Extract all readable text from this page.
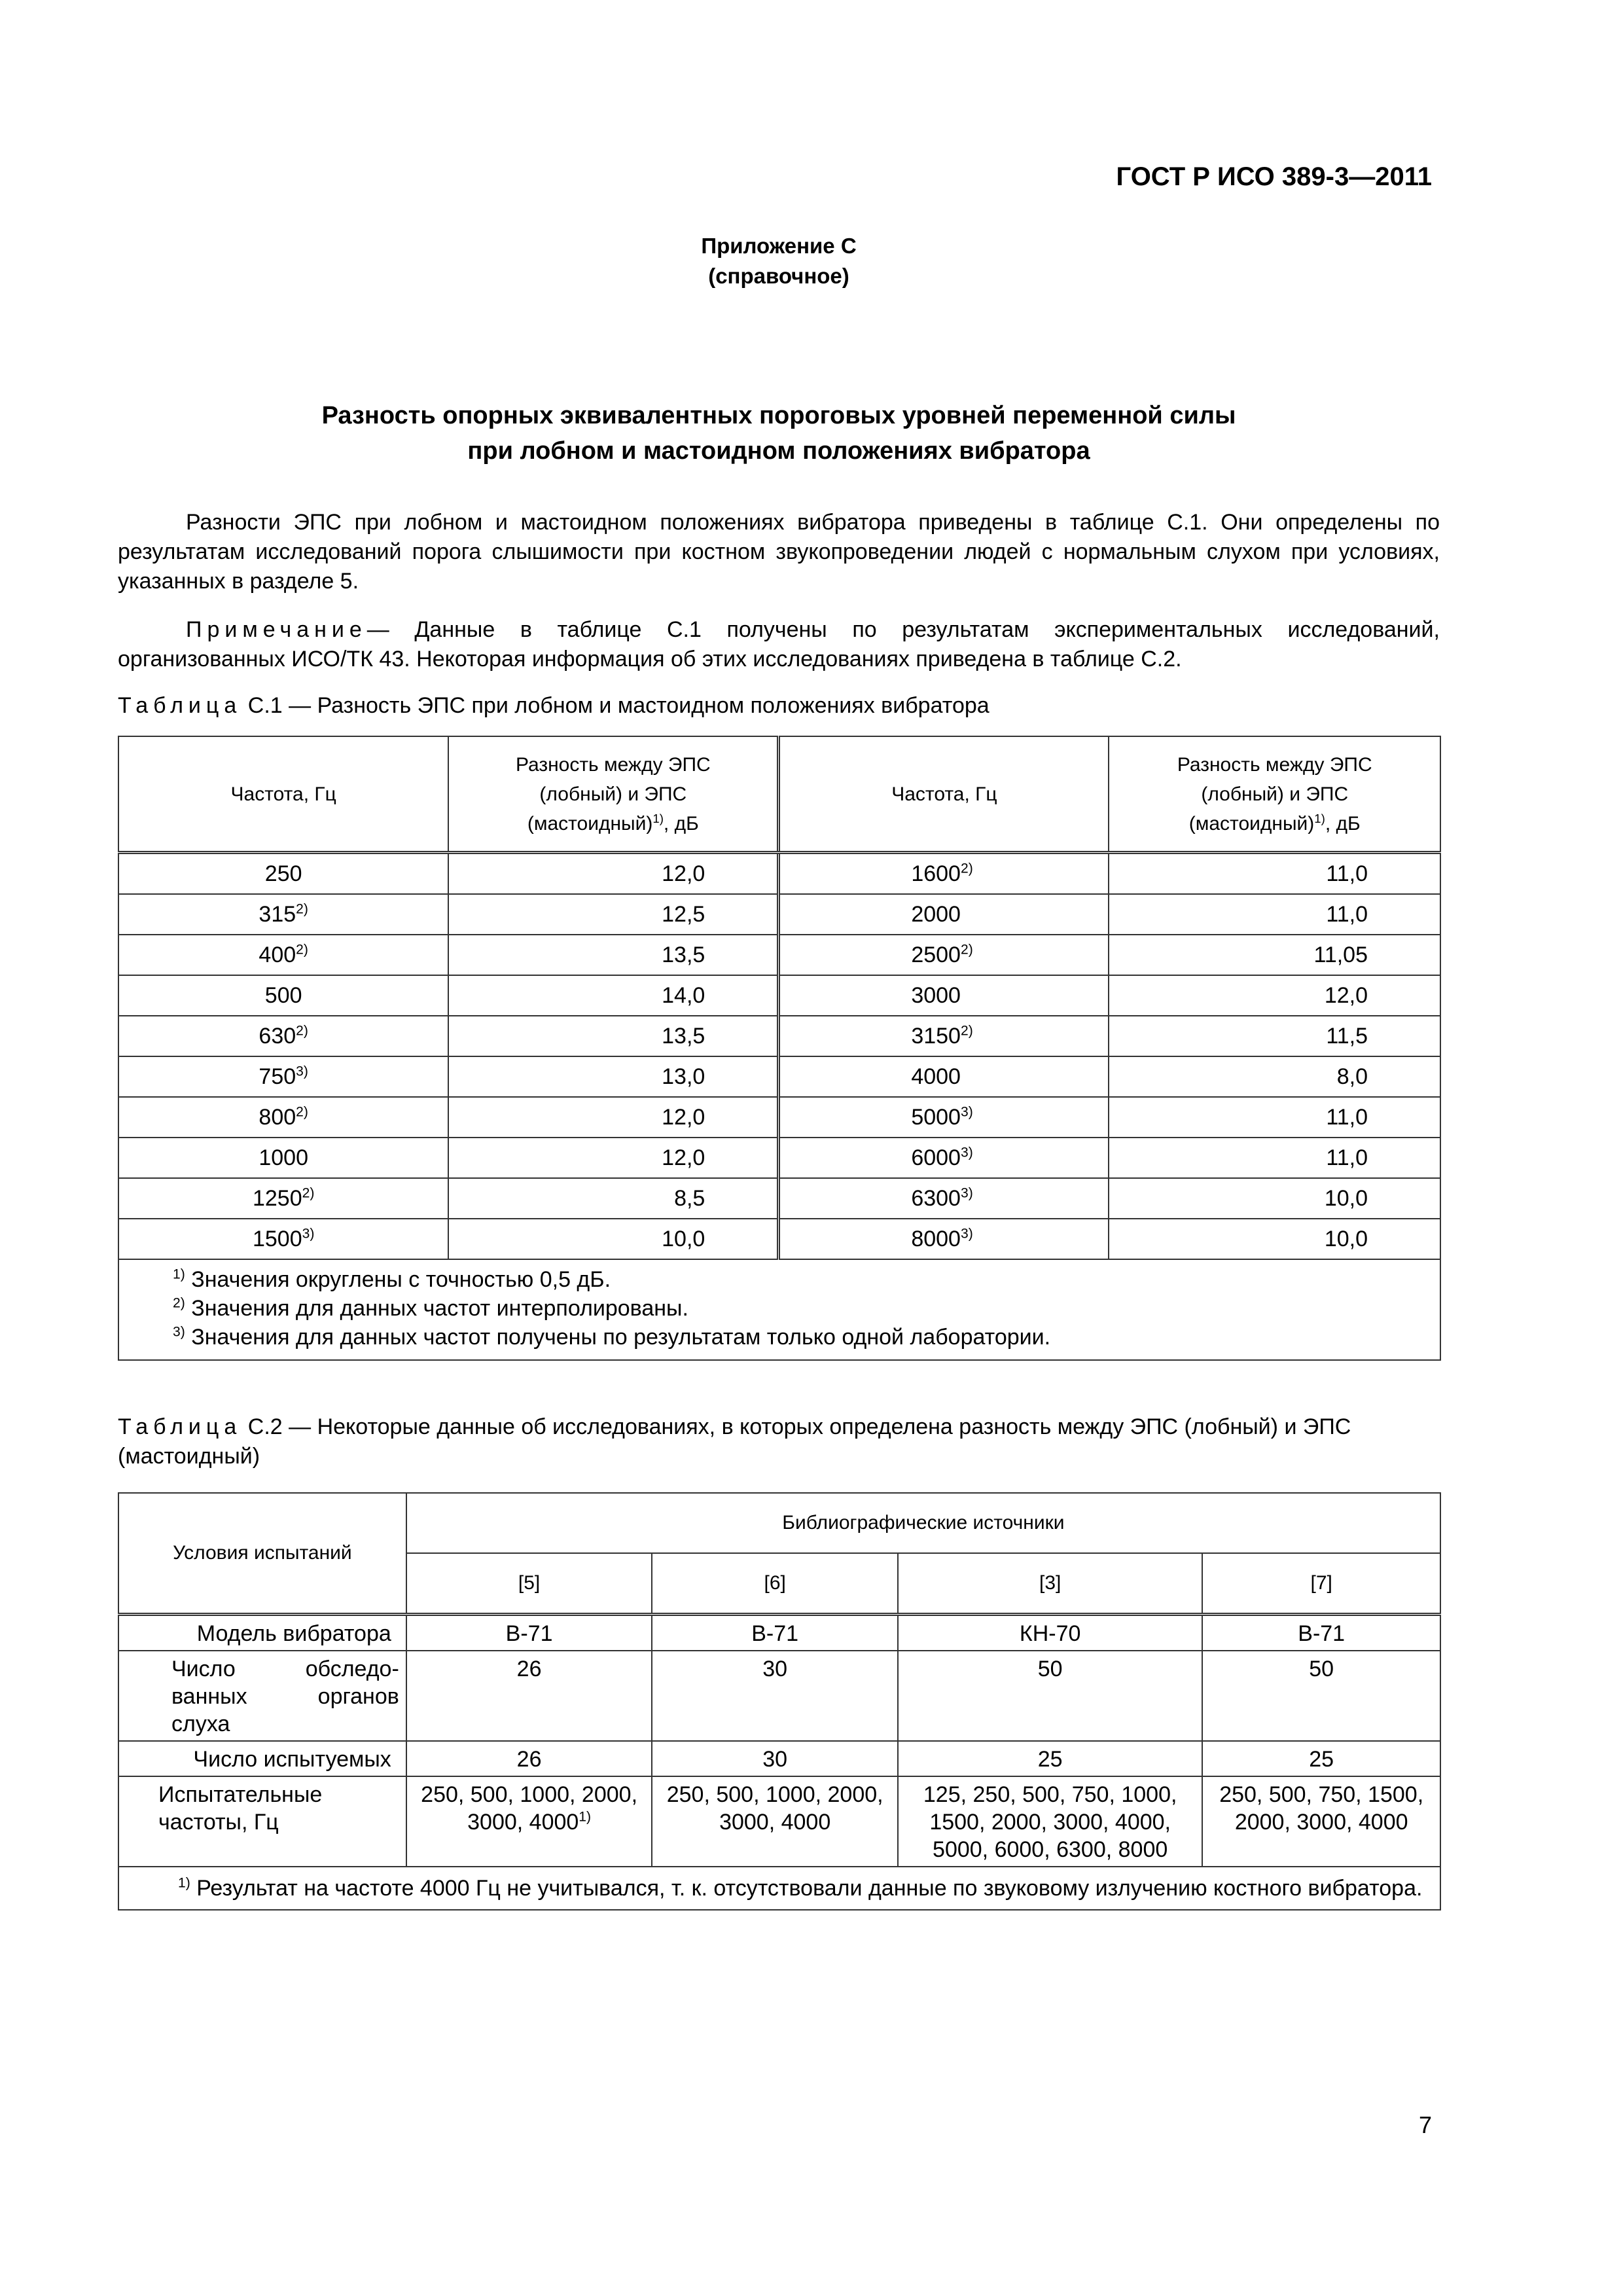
ГОСТ Р ИСО 389-3—2011
Приложение С
(справочное)
Разность опорных эквивалентных пороговых уровней переменной силы
при лобном и мастоидном положениях вибратора
Разности ЭПС при лобном и мастоидном положениях вибратора приведены в таблице С.1. Они определены по результатам исследований порога слышимости при костном звукопроведении людей с нормальным слухом при условиях, указанных в разделе 5.
Примечание— Данные в таблице С.1 получены по результатам экспериментальных исследований, организованных ИСО/ТК 43. Некоторая информация об этих исследованиях приведена в таблице С.2.
Таблица С.1 — Разность ЭПС при лобном и мастоидном положениях вибратора
Частота, Гц	Разность между ЭПС
(лобный) и ЭПС
(мастоидный)$^{1)}$, дБ	Частота, Гц	Разность между ЭПС
(лобный) и ЭПС
(мастоидный)$^{1)}$, дБ
250	12,0	1600$^{2)}$	11,0
315$^{2)}$	12,5	2000	11,0
400$^{2)}$	13,5	2500$^{2)}$	11,05
500	14,0	3000	12,0
630$^{2)}$	13,5	3150$^{2)}$	11,5
750$^{3)}$	13,0	4000	8,0
800$^{2)}$	12,0	5000$^{3)}$	11,0
1000	12,0	6000$^{3)}$	11,0
1250$^{2)}$	8,5	6300$^{3)}$	10,0
1500$^{3)}$	10,0	8000$^{3)}$	10,0

$^{1)}$ Значения округлены с точностью 0,5 дБ.
$^{2)}$ Значения для данных частот интерполированы.
$^{3)}$ Значения для данных частот получены по результатам только одной лаборатории.			
Таблица С.2 — Некоторые данные об исследованиях, в которых определена разность между ЭПС (лобный) и ЭПС (мастоидный)
Условия испытаний	Библиографические источники			
	[5]	[6]	[3]	[7]
Модель вибратора	В-71	В-71	КН-70	В-71
Число обследо-ванных органов слуха	26	30	50	50
Число испытуемых	26	30	25	25
Испытательные частоты, Гц	250, 500, 1000, 2000, 3000, 4000$^{1)}$	250, 500, 1000, 2000, 3000, 4000	125, 250, 500, 750, 1000, 1500, 2000, 3000, 4000, 5000, 6000, 6300, 8000	250, 500, 750, 1500, 2000, 3000, 4000
$^{1)}$ Результат на частоте 4000 Гц не учитывался, т. к. отсутствовали данные по звуковому излучению костного вибратора.				
7
